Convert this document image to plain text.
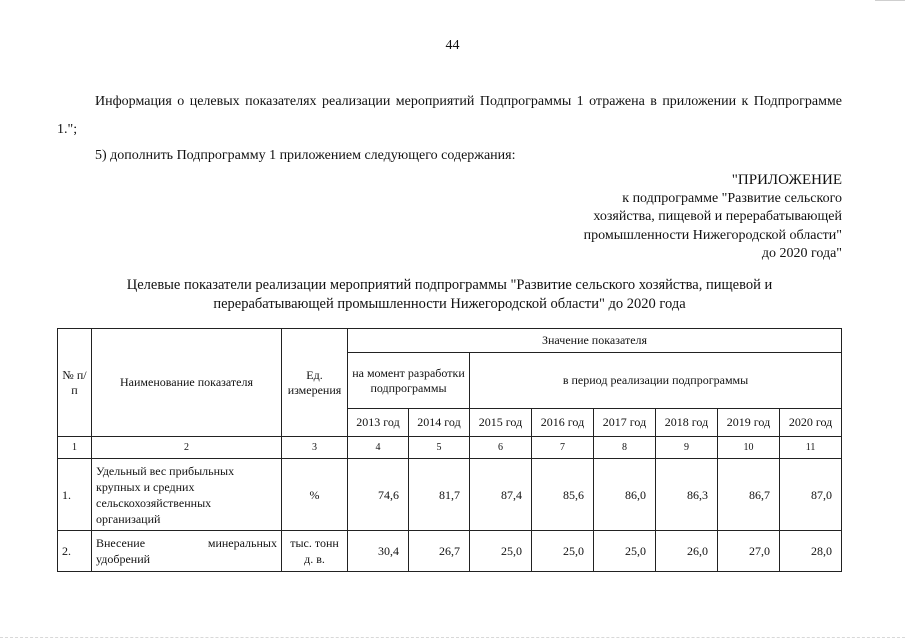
44
Информация о целевых показателях реализации мероприятий Подпрограммы 1 отражена в приложении к Подпрограмме 1.";
5) дополнить Подпрограмму 1 приложением следующего содержания:
"ПРИЛОЖЕНИЕ
к подпрограмме "Развитие сельского
хозяйства, пищевой и перерабатывающей
промышленности Нижегородской области"
до 2020 года"
Целевые показатели реализации мероприятий подпрограммы "Развитие сельского хозяйства, пищевой и
перерабатывающей промышленности Нижегородской области" до 2020 года
№ п/п	Наименование показателя	Ед. измерения	Значение показателя							
			на момент разработки подпрограммы		в период реализации подпрограммы					
			2013 год	2014 год	2015 год	2016 год	2017 год	2018 год	2019 год	2020 год
1	2	3	4	5	6	7	8	9	10	11
1.	Удельный вес прибыльных крупных и средних сельскохозяйственных организаций	%	74,6	81,7	87,4	85,6	86,0	86,3	86,7	87,0
2.	Внесение минеральных
удобрений	тыс. тонн д. в.	30,4	26,7	25,0	25,0	25,0	26,0	27,0	28,0
